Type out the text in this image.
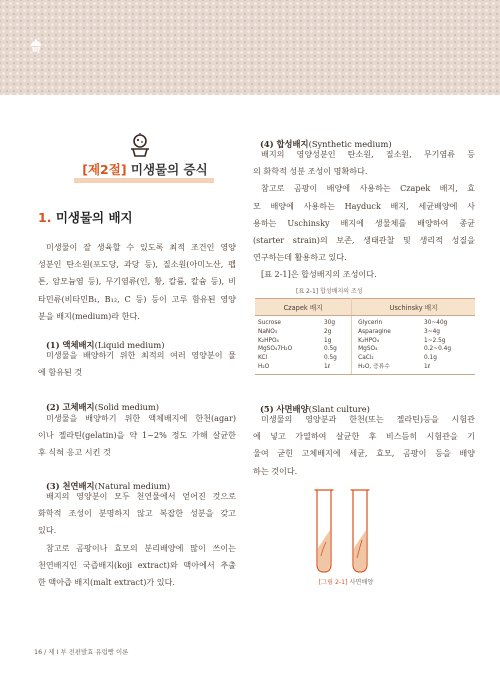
[제2절] 미생물의 증식
1. 미생물의 배지

미생물이 잘 생육할 수 있도록 최적 조건인 영양

성분인 탄소원(포도당, 과당 등), 질소원(아미노산, 펩

톤, 암모늄염 등), 무기염류(인, 황, 칼륨, 칼슘 등), 비

타민류(비타민B₁, B₁₂, C 등) 등이 고루 함유된 영양

분을 배지(medium)라 한다.

(1) 액체배지(Liquid medium)

미생물을 배양하기 위한 최적의 여러 영양분이 물

에 함유된 것

(2) 고체배지(Solid medium)

미생물을 배양하기 위한 액체배지에 한천(agar)

이나 젤라틴(gelatin)을 약 1~2% 정도 가해 살균한

후 식혀 응고 시킨 것

(3) 천연배지(Natural medium)

배지의 영양분이 모두 천연물에서 얻어진 것으로

화학적 조성이 분명하지 않고 복잡한 성분을 갖고

있다.

참고로 곰팡이나 효모의 분리배양에 많이 쓰이는

천연배지인 국즙배지(koji extract)와 맥아에서 추출

한 맥아즙 배지(malt extract)가 있다.

(4) 합성배지(Synthetic medium)

배지의 영양성분인 탄소원, 질소원, 무기염류 등

의 화학적 성분 조성이 명확하다.

참고로 곰팡이 배양에 사용하는 Czapek 배지, 효

모 배양에 사용하는 Hayduck 배지, 세균배양에 사

용하는 Uschinsky 배지에 생물체를 배양하여 종균

(starter strain)의 보존, 생태관찰 및 생리적 성질을

연구하는데 활용하고 있다.

[표 2-1]은 합성배지의 조성이다.

[표 2-1] 합성배지의 조성
Czapek 배지		Uschinsky 배지	
Sucrose	30g	Glycerin	30~40g
NaNO₃	2g	Asparagine	3~4g
K₂HPO₄	1g	K₂HPO₄	1~2.5g
MgSO₄7H₂O	0.5g	MgSO₄	0.2~0.4g
KCl	0.5g	CaCl₂	0.1g
H₂O	1ℓ	H₂O, 증류수	1ℓ
(5) 사면배양(Slant culture)

미생물의 영양분과 한천(또는 젤라틴)등을 시험관

에 넣고 가열하여 살균한 후 비스듬히 시험관을 기

울여 굳힌 고체배지에 세균, 효모, 곰팡이 등을 배양

하는 것이다.

[그림 2-1] 사면배양
16 / 제 Ⅰ 부 전편발효 유럽빵 이론
